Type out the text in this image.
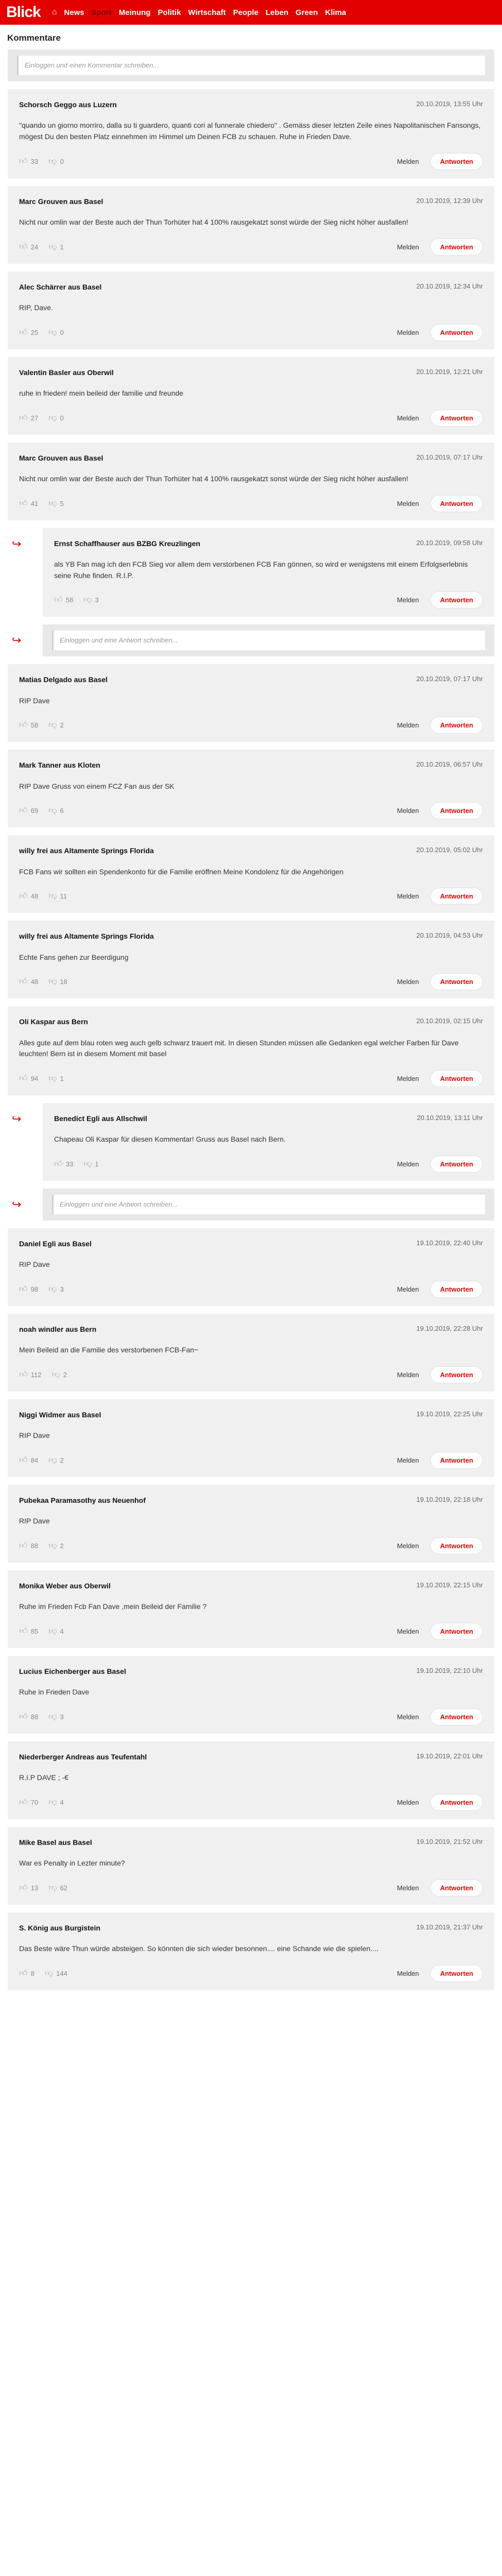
Blick ⌂ News Sport Meinung Politik Wirtschaft People Leben Green Klima
Kommentare
Einloggen und einen Kommentar schreiben...
Schorsch Geggo aus Luzern	20.10.2019, 13:55 Uhr

"quando un giorno morriro, dalla su ti guardero, quanti cori al funnerale chiedero" . Gemäss dieser letzten Zeile eines Napolitanischen Fansongs, mögest Du den besten Platz einnehmen im Himmel um Deinen FCB zu schauen. Ruhe in Frieden Dave.

👍︎ 33 👎︎ 0	Melden	Antworten
Marc Grouven aus Basel	20.10.2019, 12:39 Uhr

Nicht nur omlin war der Beste auch der Thun Torhüter hat 4 100% rausgekatzt sonst würde der Sieg nicht höher ausfallen!

👍︎ 24 👎︎ 1	Melden	Antworten
Alec Schärrer aus Basel	20.10.2019, 12:34 Uhr

RIP, Dave.

👍︎ 25 👎︎ 0	Melden	Antworten
Valentin Basler aus Oberwil	20.10.2019, 12:21 Uhr

ruhe in frieden! mein beileid der familie und freunde

👍︎ 27 👎︎ 0	Melden	Antworten
Marc Grouven aus Basel	20.10.2019, 07:17 Uhr

Nicht nur omlin war der Beste auch der Thun Torhüter hat 4 100% rausgekatzt sonst würde der Sieg nicht höher ausfallen!

👍︎ 41 👎︎ 5	Melden	Antworten
↪	Ernst Schaffhauser aus BZBG Kreuzlingen	20.10.2019, 09:58 Uhr

als YB Fan mag ich den FCB Sieg vor allem dem verstorbenen FCB Fan gönnen, so wird er wenigstens mit einem Erfolgserlebnis seine Ruhe finden. R.I.P.

👍︎ 58 👎︎ 3	Melden	Antworten
↪	Einloggen und eine Antwort schreiben...
Matias Delgado aus Basel	20.10.2019, 07:17 Uhr

RIP Dave

👍︎ 58 👎︎ 2	Melden	Antworten
Mark Tanner aus Kloten	20.10.2019, 06:57 Uhr

RIP Dave Gruss von einem FCZ Fan aus der SK

👍︎ 69 👎︎ 6	Melden	Antworten
willy frei aus Altamente Springs Florida	20.10.2019, 05:02 Uhr

FCB Fans wir sollten ein Spendenkonto für die Familie eröffnen Meine Kondolenz für die Angehörigen

👍︎ 48 👎︎ 11	Melden	Antworten
willy frei aus Altamente Springs Florida	20.10.2019, 04:53 Uhr

Echte Fans gehen zur Beerdigung

👍︎ 48 👎︎ 18	Melden	Antworten
Oli Kaspar aus Bern	20.10.2019, 02:15 Uhr

Alles gute auf dem blau roten weg auch gelb schwarz trauert mit. In diesen Stunden müssen alle Gedanken egal welcher Farben für Dave leuchten! Bern ist in diesem Moment mit basel

👍︎ 94 👎︎ 1	Melden	Antworten
↪	Benedict Egli aus Allschwil	20.10.2019, 13:11 Uhr

Chapeau Oli Kaspar für diesen Kommentar! Gruss aus Basel nach Bern.

👍︎ 33 👎︎ 1	Melden	Antworten
↪	Einloggen und eine Antwort schreiben...
Daniel Egli aus Basel	19.10.2019, 22:40 Uhr

RIP Dave

👍︎ 98 👎︎ 3	Melden	Antworten
noah windler aus Bern	19.10.2019, 22:28 Uhr

Mein Beileid an die Familie des verstorbenen FCB-Fan~

👍︎ 112 👎︎ 2	Melden	Antworten
Niggi Widmer aus Basel	19.10.2019, 22:25 Uhr

RIP Dave

👍︎ 84 👎︎ 2	Melden	Antworten
Pubekaa Paramasothy aus Neuenhof	19.10.2019, 22:18 Uhr

RIP Dave

👍︎ 88 👎︎ 2	Melden	Antworten
Monika Weber aus Oberwil	19.10.2019, 22:15 Uhr

Ruhe im Frieden Fcb Fan Dave ,mein Beileid der Familie ?

👍︎ 85 👎︎ 4	Melden	Antworten
Lucius Eichenberger aus Basel	19.10.2019, 22:10 Uhr

Ruhe in Frieden Dave

👍︎ 88 👎︎ 3	Melden	Antworten
Niederberger Andreas aus Teufentahl	19.10.2019, 22:01 Uhr

R.I.P DAVE ; -€

👍︎ 70 👎︎ 4	Melden	Antworten
Mike Basel aus Basel	19.10.2019, 21:52 Uhr

War es Penalty in Lezter minute?

👍︎ 13 👎︎ 62	Melden	Antworten
S. König aus Burgistein	19.10.2019, 21:37 Uhr

Das Beste wäre Thun würde absteigen. So könnten die sich wieder besonnen.... eine Schande wie die spielen....

👍︎ 8 👎︎ 144	Melden	Antworten
